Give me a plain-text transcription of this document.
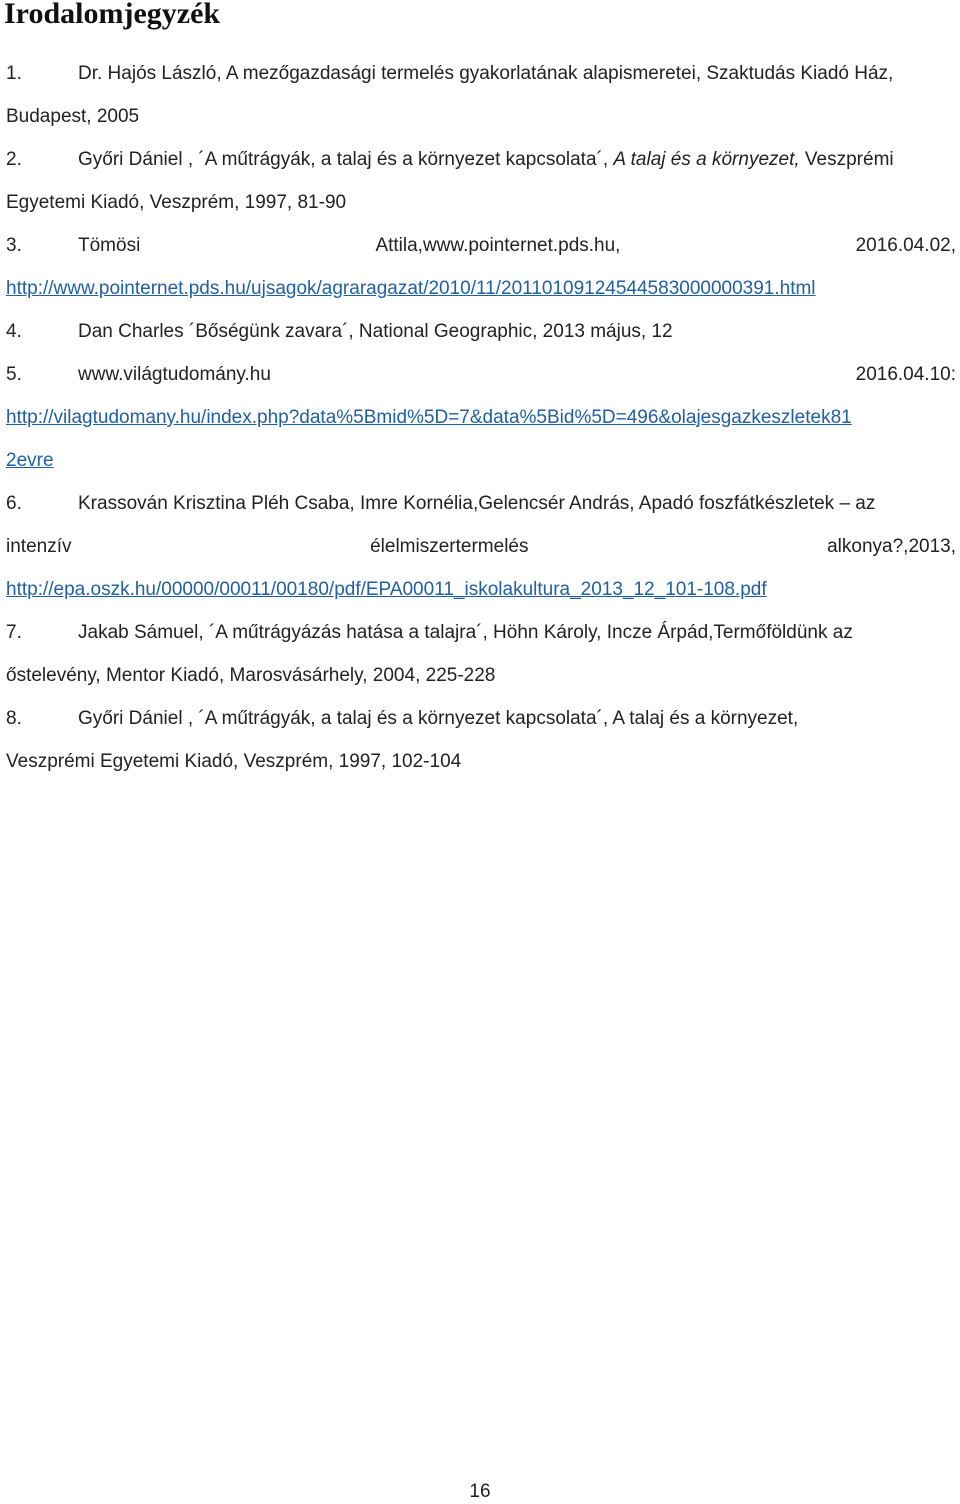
Irodalomjegyzék
1.	Dr. Hajós László, A mezőgazdasági termelés gyakorlatának alapismeretei, Szaktudás Kiadó Ház,
Budapest, 2005
2.	Győri Dániel , ´A műtrágyák, a talaj és a környezet kapcsolata´, A talaj és a környezet, Veszprémi
Egyetemi Kiadó, Veszprém, 1997, 81-90
3.	Tömösi	Attila,www.pointernet.pds.hu,	2016.04.02,
http://www.pointernet.pds.hu/ujsagok/agraragazat/2010/11/20110109124544583000000391.html
4.	Dan Charles ´Bőségünk zavara´, National Geographic, 2013 május, 12
5.	www.világtudomány.hu	2016.04.10:
http://vilagtudomany.hu/index.php?data%5Bmid%5D=7&data%5Bid%5D=496&olajesgazkeszletek81
2evre
6.	Krassován Krisztina Pléh Csaba, Imre Kornélia,Gelencsér András, Apadó foszfátkészletek – az
intenzív	élelmiszertermelés	alkonya?,2013,
http://epa.oszk.hu/00000/00011/00180/pdf/EPA00011_iskolakultura_2013_12_101-108.pdf
7.	Jakab Sámuel, ´A műtrágyázás hatása a talajra´, Höhn Károly, Incze Árpád,Termőföldünk az
őstelevény, Mentor Kiadó, Marosvásárhely, 2004, 225-228
8.	Győri Dániel , ´A műtrágyák, a talaj és a környezet kapcsolata´, A talaj és a környezet,
Veszprémi Egyetemi Kiadó, Veszprém, 1997, 102-104
16
